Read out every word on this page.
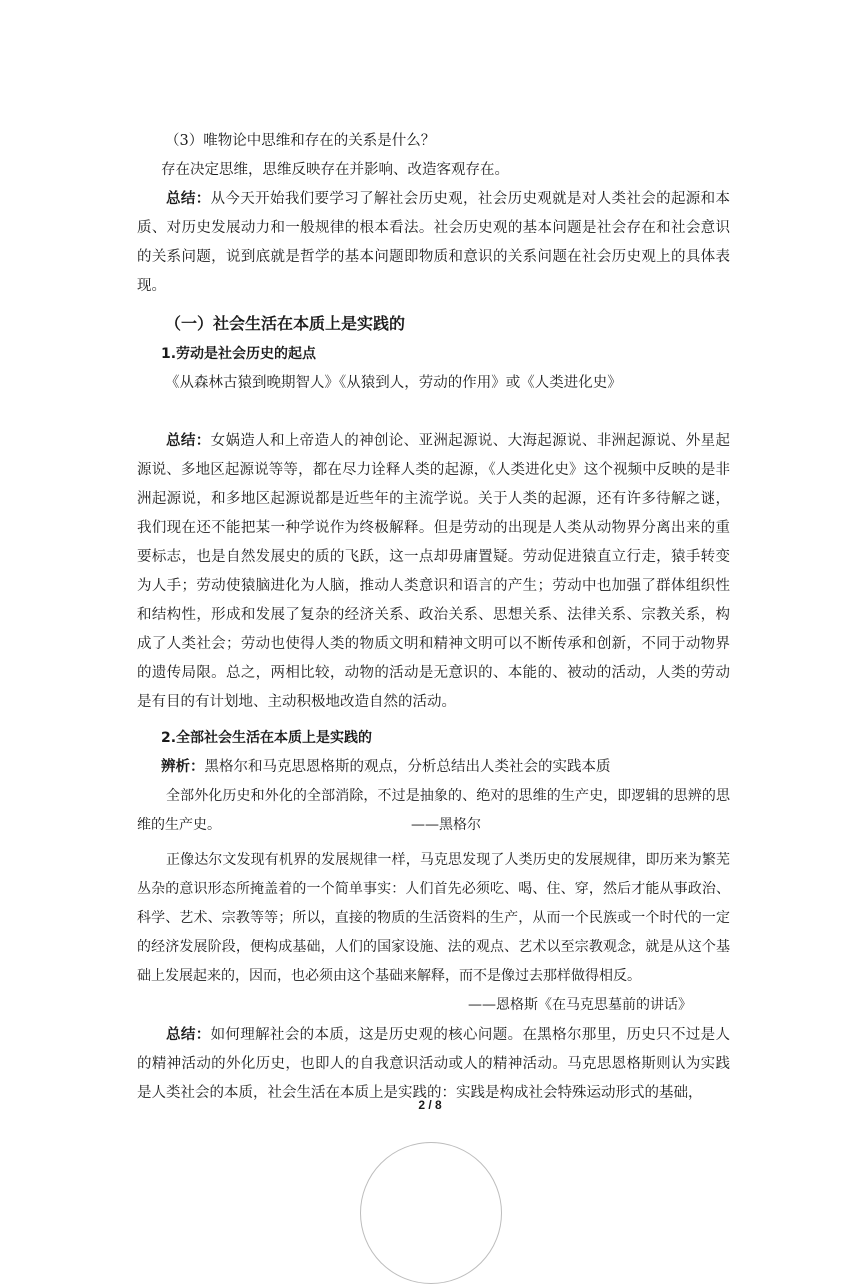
（3）唯物论中思维和存在的关系是什么？

存在决定思维，思维反映存在并影响、改造客观存在。

总结：从今天开始我们要学习了解社会历史观，社会历史观就是对人类社会的起源和本质、对历史发展动力和一般规律的根本看法。社会历史观的基本问题是社会存在和社会意识的关系问题，说到底就是哲学的基本问题即物质和意识的关系问题在社会历史观上的具体表现。

（一）社会生活在本质上是实践的

1.劳动是社会历史的起点

《从森林古猿到晚期智人》《从猿到人，劳动的作用》或《人类进化史》

总结：女娲造人和上帝造人的神创论、亚洲起源说、大海起源说、非洲起源说、外星起源说、多地区起源说等等，都在尽力诠释人类的起源，《人类进化史》这个视频中反映的是非洲起源说，和多地区起源说都是近些年的主流学说。关于人类的起源，还有许多待解之谜，我们现在还不能把某一种学说作为终极解释。但是劳动的出现是人类从动物界分离出来的重要标志，也是自然发展史的质的飞跃，这一点却毋庸置疑。劳动促进猿直立行走，猿手转变为人手；劳动使猿脑进化为人脑，推动人类意识和语言的产生；劳动中也加强了群体组织性和结构性，形成和发展了复杂的经济关系、政治关系、思想关系、法律关系、宗教关系，构成了人类社会；劳动也使得人类的物质文明和精神文明可以不断传承和创新，不同于动物界的遗传局限。总之，两相比较，动物的活动是无意识的、本能的、被动的活动，人类的劳动是有目的有计划地、主动积极地改造自然的活动。

2.全部社会生活在本质上是实践的

辨析：黑格尔和马克思恩格斯的观点，分析总结出人类社会的实践本质

全部外化历史和外化的全部消除，不过是抽象的、绝对的思维的生产史，即逻辑的思辨的思维的生产史。	——黑格尔

正像达尔文发现有机界的发展规律一样，马克思发现了人类历史的发展规律，即历来为繁芜丛杂的意识形态所掩盖着的一个简单事实：人们首先必须吃、喝、住、穿，然后才能从事政治、科学、艺术、宗教等等；所以，直接的物质的生活资料的生产，从而一个民族或一个时代的一定的经济发展阶段，便构成基础，人们的国家设施、法的观点、艺术以至宗教观念，就是从这个基础上发展起来的，因而，也必须由这个基础来解释，而不是像过去那样做得相反。

——恩格斯《在马克思墓前的讲话》

总结：如何理解社会的本质，这是历史观的核心问题。在黑格尔那里，历史只不过是人的精神活动的外化历史，也即人的自我意识活动或人的精神活动。马克思恩格斯则认为实践是人类社会的本质，社会生活在本质上是实践的：实践是构成社会特殊运动形式的基础，

2 / 8
